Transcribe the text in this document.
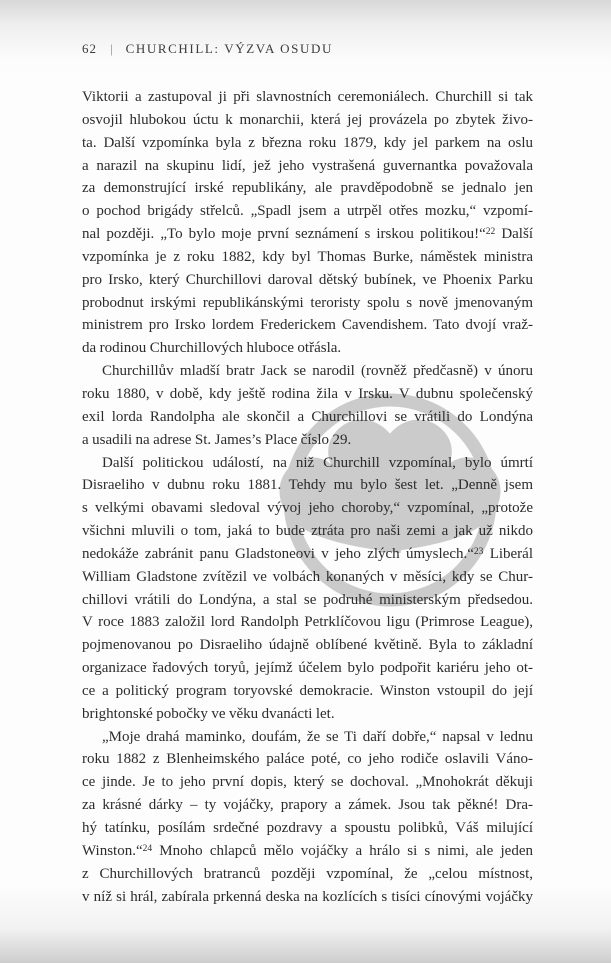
62 | CHURCHILL: VÝZVA OSUDU
Viktorii a zastupoval ji při slavnostních ceremoniálech. Churchill si tak
osvojil hlubokou úctu k monarchii, která jej provázela po zbytek živo-
ta. Další vzpomínka byla z března roku 1879, kdy jel parkem na oslu
a narazil na skupinu lidí, jež jeho vystrašená guvernantka považovala
za demonstrující irské republikány, ale pravděpodobně se jednalo jen
o pochod brigády střelců. „Spadl jsem a utrpěl otřes mozku,“ vzpomí-
nal později. „To bylo moje první seznámení s irskou politikou!“$^{22}$ Další
vzpomínka je z roku 1882, kdy byl Thomas Burke, náměstek ministra
pro Irsko, který Churchillovi daroval dětský bubínek, ve Phoenix Parku
probodnut irskými republikánskými teroristy spolu s nově jmenovaným
ministrem pro Irsko lordem Frederickem Cavendishem. Tato dvojí vraž-
da rodinou Churchillových hluboce otřásla.
Churchillův mladší bratr Jack se narodil (rovněž předčasně) v únoru
roku 1880, v době, kdy ještě rodina žila v Irsku. V dubnu společenský
exil lorda Randolpha ale skončil a Churchillovi se vrátili do Londýna
a usadili na adrese St. James’s Place číslo 29.
Další politickou událostí, na niž Churchill vzpomínal, bylo úmrtí
Disraeliho v dubnu roku 1881. Tehdy mu bylo šest let. „Denně jsem
s velkými obavami sledoval vývoj jeho choroby,“ vzpomínal, „protože
všichni mluvili o tom, jaká to bude ztráta pro naši zemi a jak už nikdo
nedokáže zabránit panu Gladstoneovi v jeho zlých úmyslech.“$^{23}$ Liberál
William Gladstone zvítězil ve volbách konaných v měsíci, kdy se Chur-
chillovi vrátili do Londýna, a stal se podruhé ministerským předsedou.
V roce 1883 založil lord Randolph Petrklíčovou ligu (Primrose League),
pojmenovanou po Disraeliho údajně oblíbené květině. Byla to základní
organizace řadových toryů, jejímž účelem bylo podpořit kariéru jeho ot-
ce a politický program toryovské demokracie. Winston vstoupil do její
brightonské pobočky ve věku dvanácti let.
„Moje drahá maminko, doufám, že se Ti daří dobře,“ napsal v lednu
roku 1882 z Blenheimského paláce poté, co jeho rodiče oslavili Váno-
ce jinde. Je to jeho první dopis, který se dochoval. „Mnohokrát děkuji
za krásné dárky – ty vojáčky, prapory a zámek. Jsou tak pěkné! Dra-
hý tatínku, posílám srdečné pozdravy a spoustu polibků, Váš milující
Winston.“$^{24}$ Mnoho chlapců mělo vojáčky a hrálo si s nimi, ale jeden
z Churchillových bratranců později vzpomínal, že „celou místnost,
v níž si hrál, zabírala prkenná deska na kozlících s tisíci cínovými vojáčky
